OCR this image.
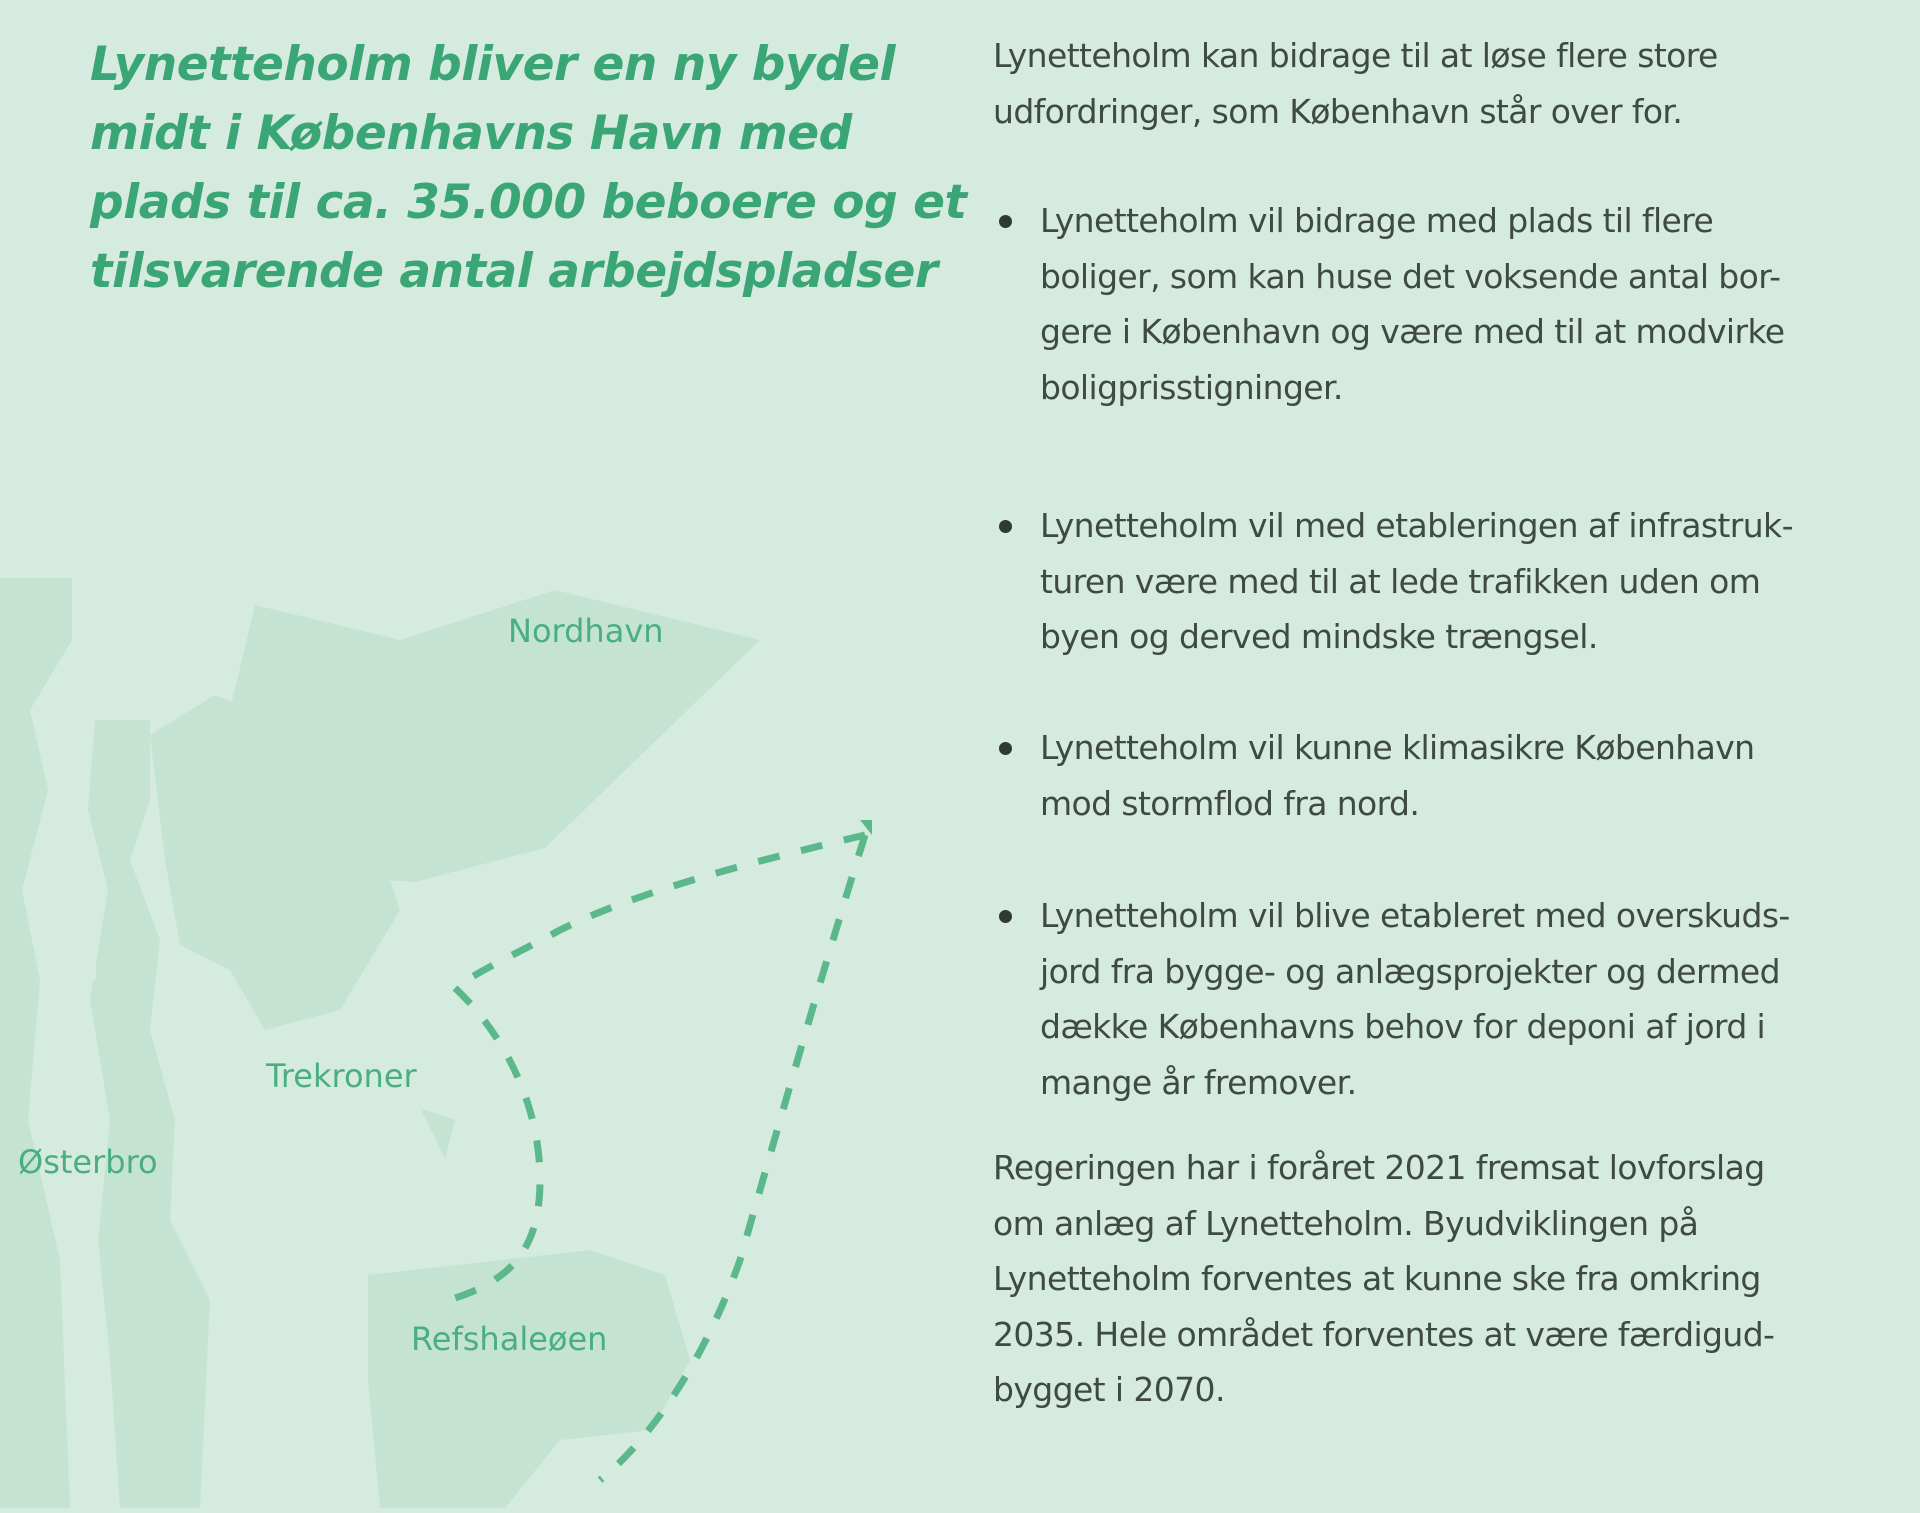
Lynetteholm bliver en ny bydel
midt i Københavns Havn med
plads til ca. 35.000 beboere og et
tilsvarende antal arbejdspladser
Nordhavn
Trekroner
Østerbro
Refshaleøen

Lynetteholm kan bidrage til at løse flere store
udfordringer, som København står over for.

Lynetteholm vil bidrage med plads til flere
boliger, som kan huse det voksende antal bor-
gere i København og være med til at modvirke
boligprisstigninger.
Lynetteholm vil med etableringen af infrastruk-
turen være med til at lede trafikken uden om
byen og derved mindske trængsel.
Lynetteholm vil kunne klimasikre København
mod stormflod fra nord.
Lynetteholm vil blive etableret med overskuds-
jord fra bygge- og anlægsprojekter og dermed
dække Københavns behov for deponi af jord i
mange år fremover.

Regeringen har i foråret 2021 fremsat lovforslag
om anlæg af Lynetteholm. Byudviklingen på
Lynetteholm forventes at kunne ske fra omkring
2035. Hele området forventes at være færdigud-
bygget i 2070.
